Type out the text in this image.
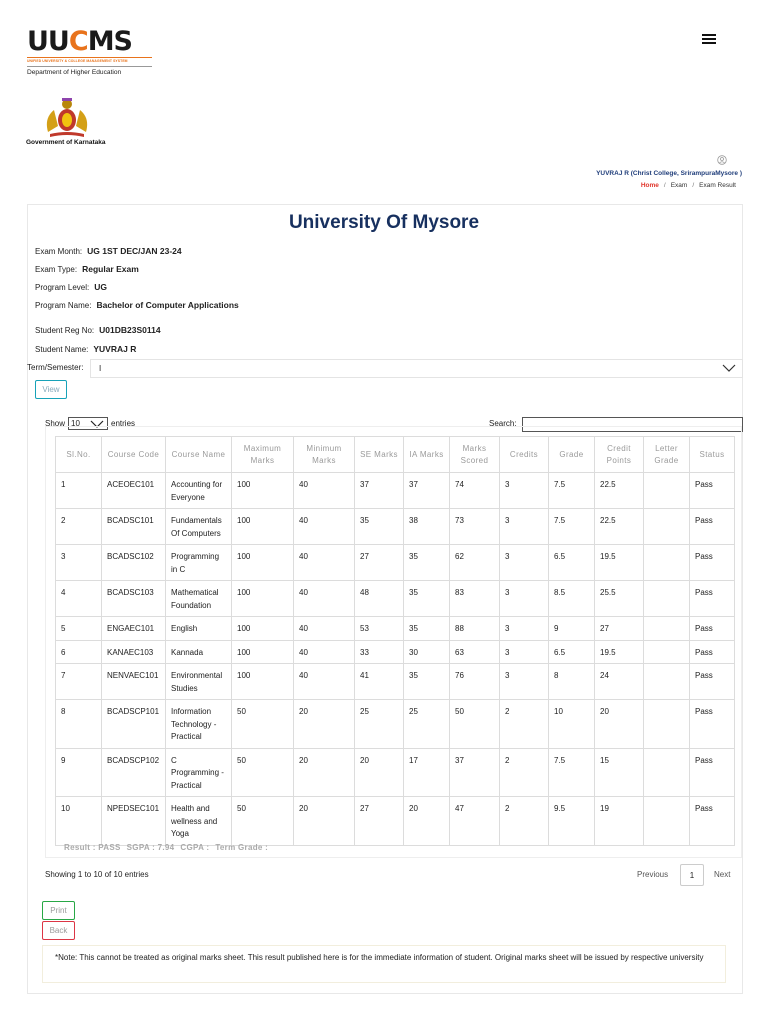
UUCMS
UNIFIED UNIVERSITY & COLLEGE MANAGEMENT SYSTEM
Department of Higher Education
Government of Karnataka
YUVRAJ R (Christ College, SrirampuraMysore )
Home / Exam / Exam Result
University Of Mysore
Exam Month: UG 1ST DEC/JAN 23-24
Exam Type: Regular Exam
Program Level: UG
Program Name: Bachelor of Computer Applications
Student Reg No: U01DB23S0114
Student Name: YUVRAJ R
Term/Semester:	I
View
Show 10	entries	Search:
Sl.No.	Course Code	Course Name	Maximum Marks	Minimum Marks	SE Marks	IA Marks	Marks Scored	Credits	Grade	Credit Points	Letter Grade	Status
1	ACEOEC101	Accounting for Everyone	100	40	37	37	74	3	7.5	22.5		Pass
2	BCADSC101	Fundamentals Of Computers	100	40	35	38	73	3	7.5	22.5		Pass
3	BCADSC102	Programming in C	100	40	27	35	62	3	6.5	19.5		Pass
4	BCADSC103	Mathematical Foundation	100	40	48	35	83	3	8.5	25.5		Pass
5	ENGAEC101	English	100	40	53	35	88	3	9	27		Pass
6	KANAEC103	Kannada	100	40	33	30	63	3	6.5	19.5		Pass
7	NENVAEC101	Environmental Studies	100	40	41	35	76	3	8	24		Pass
8	BCADSCP101	Information Technology - Practical	50	20	25	25	50	2	10	20		Pass
9	BCADSCP102	C Programming - Practical	50	20	20	17	37	2	7.5	15		Pass
10	NPEDSEC101	Health and wellness and Yoga	50	20	27	20	47	2	9.5	19		Pass
Result : PASS SGPA : 7.94 CGPA : Term Grade :
Showing 1 to 10 of 10 entries	Previous	1	Next
Print
Back
*Note: This cannot be treated as original marks sheet. This result published here is for the immediate information of student. Original marks sheet will be issued by respective university
